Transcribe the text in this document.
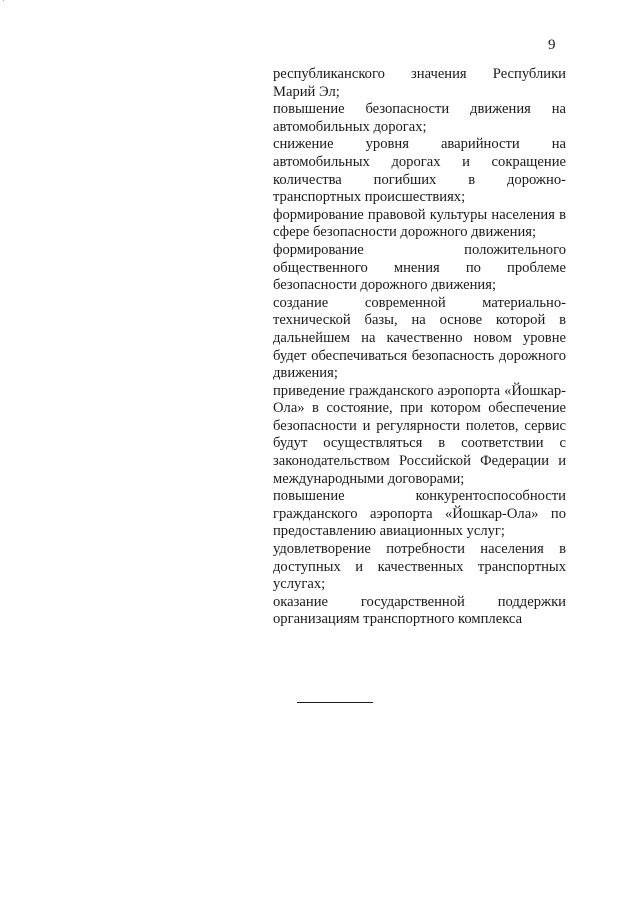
9

республиканского значения Республики Марий Эл;

повышение безопасности движения на автомобильных дорогах;

снижение уровня аварийности на автомобильных дорогах и сокращение количества погибших в дорожно-транспортных происшествиях;

формирование правовой культуры населения в сфере безопасности дорожного движения;

формирование положительного общественного мнения по проблеме безопасности дорожного движения;

создание современной материально-технической базы, на основе которой в дальнейшем на качественно новом уровне будет обеспечиваться безопасность дорожного движения;

приведение гражданского аэропорта «Йошкар-Ола» в состояние, при котором обеспечение безопасности и регулярности полетов, сервис будут осуществляться в соответствии с законодательством Российской Федерации и международными договорами;

повышение конкурентоспособности гражданского аэропорта «Йошкар-Ола» по предоставлению авиационных услуг;

удовлетворение потребности населения в доступных и качественных транспортных услугах;

оказание государственной поддержки организациям транспортного комплекса
